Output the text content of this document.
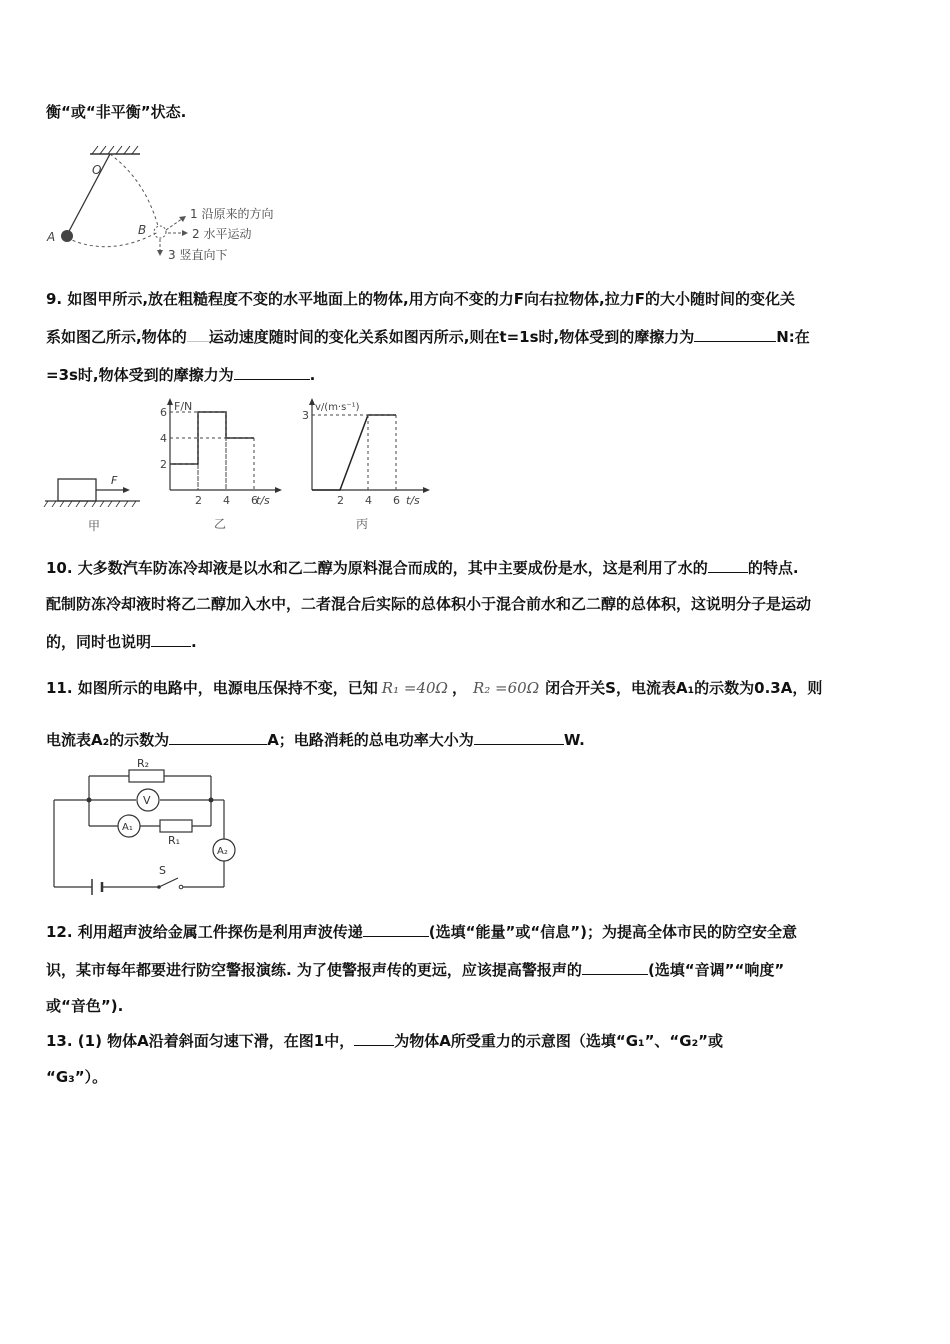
衡“或“非平衡”状态.
O
A	B
1 沿原来的方向
2 水平运动
3 竖直向下
9. 如图甲所示,放在粗糙程度不变的水平地面上的物体,用方向不变的力F向右拉物体,拉力F的大小随时间的变化关
系如图乙所示,物体的 运动速度随时间的变化关系如图丙所示,则在t=1s时,物体受到的摩擦力为	N:在
=3s时,物体受到的摩擦力为	.
F
甲
F/N
t/s
6
4
2
2 4 6
乙
v/(m·s⁻¹)
t/s
3
2 4 6
丙
10. 大多数汽车防冻冷却液是以水和乙二醇为原料混合而成的，其中主要成份是水，这是利用了水的	的特点.
配制防冻冷却液时将乙二醇加入水中，二者混合后实际的总体积小于混合前水和乙二醇的总体积，这说明分子是运动
的，同时也说明	.
11. 如图所示的电路中，电源电压保持不变，已知 R₁ =40Ω ， R₂ =60Ω 闭合开关S，电流表A₁的示数为0.3A，则
电流表A₂的示数为	A；电路消耗的总电功率大小为	W.
R₂
V
A₁
R₁
A₂
S
12. 利用超声波给金属工件探伤是利用声波传递	(选填“能量”或“信息”)；为提高全体市民的防空安全意
识，某市每年都要进行防空警报演练. 为了使警报声传的更远，应该提高警报声的	(选填“音调”“响度”
或“音色”).
13. (1) 物体A沿着斜面匀速下滑，在图1中，	为物体A所受重力的示意图（选填“G₁”、“G₂”或
“G₃”）。
